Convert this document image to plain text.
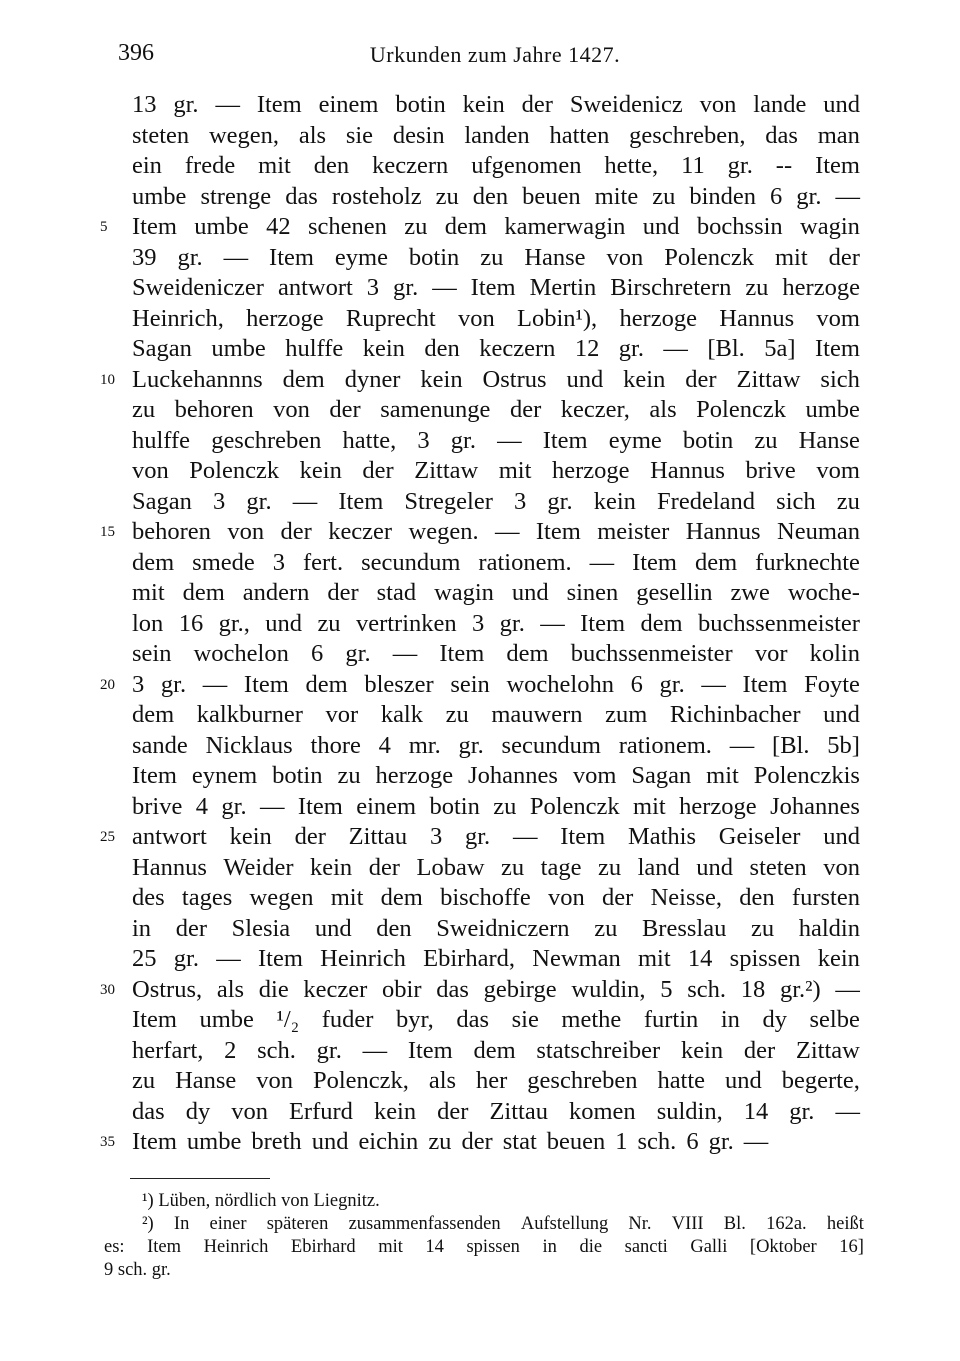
396	Urkunden zum Jahre 1427.
13 gr. — Item einem botin kein der Sweidenicz von lande und
steten wegen, als sie desin landen hatten geschreben, das man
ein frede mit den keczern ufgenomen hette, 11 gr. -- Item
umbe strenge das rosteholz zu den beuen mite zu binden 6 gr. —
5	Item umbe 42 schenen zu dem kamerwagin und bochssin wagin
39 gr. — Item eyme botin zu Hanse von Polenczk mit der
Sweideniczer antwort 3 gr. — Item Mertin Birschretern zu herzoge
Heinrich, herzoge Ruprecht von Lobin¹), herzoge Hannus vom
Sagan umbe hulffe kein den keczern 12 gr. — [Bl. 5a] Item
10 Luckehannns dem dyner kein Ostrus und kein der Zittaw sich
zu behoren von der samenunge der keczer, als Polenczk umbe
hulffe geschreben hatte, 3 gr. — Item eyme botin zu Hanse
von Polenczk kein der Zittaw mit herzoge Hannus brive vom
Sagan 3 gr. — Item Stregeler 3 gr. kein Fredeland sich zu
15 behoren von der keczer wegen. — Item meister Hannus Neuman
dem smede 3 fert. secundum rationem. — Item dem furknechte
mit dem andern der stad wagin und sinen gesellin zwe woche-
lon 16 gr., und zu vertrinken 3 gr. — Item dem buchssenmeister
sein wochelon 6 gr. — Item dem buchssenmeister vor kolin
20 3 gr. — Item dem bleszer sein wochelohn 6 gr. — Item Foyte
dem kalkburner vor kalk zu mauwern zum Richinbacher und
sande Nicklaus thore 4 mr. gr. secundum rationem. — [Bl. 5b]
Item eynem botin zu herzoge Johannes vom Sagan mit Polenczkis
brive 4 gr. — Item einem botin zu Polenczk mit herzoge Johannes
25 antwort kein der Zittau 3 gr. — Item Mathis Geiseler und
Hannus Weider kein der Lobaw zu tage zu land und steten von
des tages wegen mit dem bischoffe von der Neisse, den fursten
in der Slesia und den Sweidniczern zu Bresslau zu haldin
25 gr. — Item Heinrich Ebirhard, Newman mit 14 spissen kein
30 Ostrus, als die keczer obir das gebirge wuldin, 5 sch. 18 gr.²) —
Item umbe ¹/₂ fuder byr, das sie methe furtin in dy selbe
herfart, 2 sch. gr. — Item dem statschreiber kein der Zittaw
zu Hanse von Polenczk, als her geschreben hatte und begerte,
das dy von Erfurd kein der Zittau komen suldin, 14 gr. —
35 Item umbe breth und eichin zu der stat beuen 1 sch. 6 gr. —
¹) Lüben, nördlich von Liegnitz.
²) In einer späteren zusammenfassenden Aufstellung Nr. VIII Bl. 162a. heißt
es: Item Heinrich Ebirhard mit 14 spissen in die sancti Galli [Oktober 16]
9 sch. gr.
